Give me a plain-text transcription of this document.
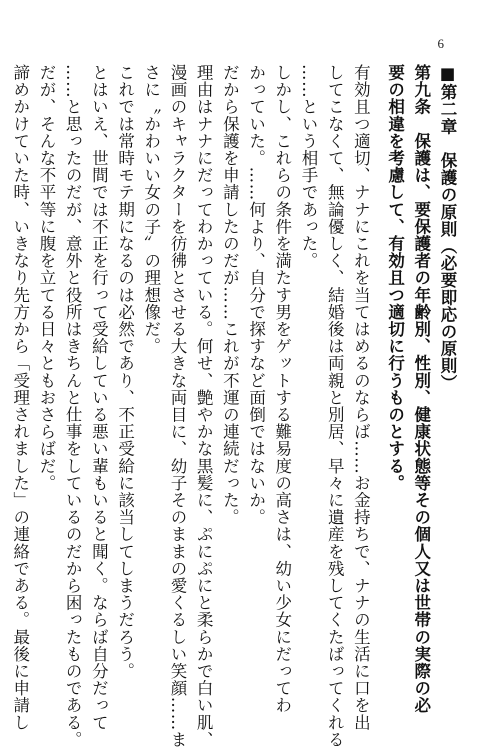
6
■第二章　保護の原則（必要即応の原則）
第九条　保護は、要保護者の年齢別、性別、健康状態等その個人又は世帯の実際の必
要の相違を考慮して、有効且つ適切に行うものとする。
有効且つ適切、ナナにこれを当てはめるのならば……お金持ちで、ナナの生活に口を出
してこなくて、無論優しく、結婚後は両親と別居、早々に遺産を残してくたばってくれる
……という相手であった。
しかし、これらの条件を満たす男をゲットする難易度の高さは、幼い少女にだってわ
かっていた。……何より、自分で探すなど面倒ではないか。
だから保護を申請したのだが……これが不運の連続だった。
理由はナナにだってわかっている。何せ、艶やかな黒髪に、ぷにぷにと柔らかで白い肌、
漫画のキャラクターを彷彿とさせる大きな両目に、幼子そのままの愛くるしい笑顔……ま
さに〝かわいい女の子〟の理想像だ。
これでは常時モテ期になるのは必然であり、不正受給に該当してしまうだろう。
とはいえ、世間では不正を行って受給している悪い輩もいると聞く。ならば自分だって
……と思ったのだが、意外と役所はきちんと仕事をしているのだから困ったものである。
だが、そんな不平等に腹を立てる日々ともおさらばだ。
諦めかけていた時、いきなり先方から「受理されました」の連絡である。最後に申請し
